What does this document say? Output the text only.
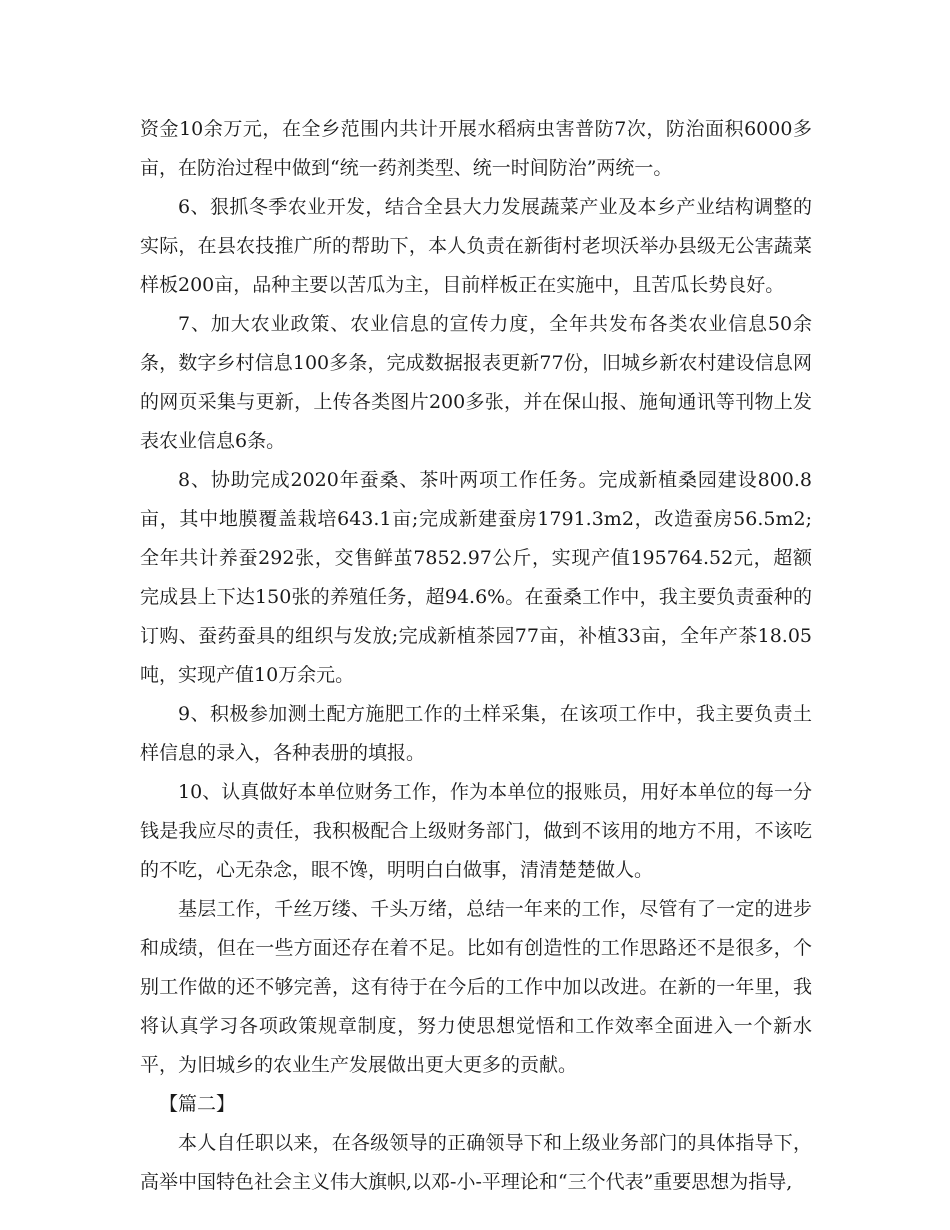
资金10余万元，在全乡范围内共计开展水稻病虫害普防7次，防治面积6000多亩，在防治过程中做到“统一药剂类型、统一时间防治”两统一。

6、狠抓冬季农业开发，结合全县大力发展蔬菜产业及本乡产业结构调整的实际，在县农技推广所的帮助下，本人负责在新街村老坝沃举办县级无公害蔬菜样板200亩，品种主要以苦瓜为主，目前样板正在实施中，且苦瓜长势良好。

7、加大农业政策、农业信息的宣传力度，全年共发布各类农业信息50余条，数字乡村信息100多条，完成数据报表更新77份，旧城乡新农村建设信息网的网页采集与更新，上传各类图片200多张，并在保山报、施甸通讯等刊物上发表农业信息6条。

8、协助完成2020年蚕桑、茶叶两项工作任务。完成新植桑园建设800.8亩，其中地膜覆盖栽培643.1亩;完成新建蚕房1791.3m2，改造蚕房56.5m2;全年共计养蚕292张，交售鲜茧7852.97公斤，实现产值195764.52元，超额完成县上下达150张的养殖任务，超94.6%。在蚕桑工作中，我主要负责蚕种的订购、蚕药蚕具的组织与发放;完成新植茶园77亩，补植33亩，全年产茶18.05吨，实现产值10万余元。

9、积极参加测土配方施肥工作的土样采集，在该项工作中，我主要负责土样信息的录入，各种表册的填报。

10、认真做好本单位财务工作，作为本单位的报账员，用好本单位的每一分钱是我应尽的责任，我积极配合上级财务部门，做到不该用的地方不用，不该吃的不吃，心无杂念，眼不馋，明明白白做事，清清楚楚做人。

基层工作，千丝万缕、千头万绪，总结一年来的工作，尽管有了一定的进步和成绩，但在一些方面还存在着不足。比如有创造性的工作思路还不是很多，个别工作做的还不够完善，这有待于在今后的工作中加以改进。在新的一年里，我将认真学习各项政策规章制度，努力使思想觉悟和工作效率全面进入一个新水平，为旧城乡的农业生产发展做出更大更多的贡献。

【篇二】

本人自任职以来，在各级领导的正确领导下和上级业务部门的具体指导下，高举中国特色社会主义伟大旗帜,以邓-小-平理论和“三个代表”重要思想为指导,
